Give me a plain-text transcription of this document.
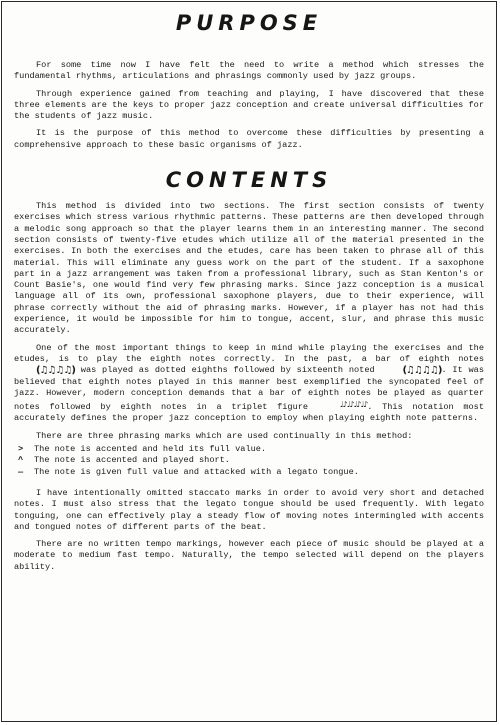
PURPOSE

For some time now I have felt the need to write a method which stresses the fundamental rhythms, articulations and phrasings commonly used by jazz groups.

Through experience gained from teaching and playing, I have discovered that these three elements are the keys to proper jazz conception and create universal difficulties for the students of jazz music.

It is the purpose of this method to overcome these difficulties by presenting a comprehensive approach to these basic organisms of jazz.

CONTENTS

This method is divided into two sections. The first section consists of twenty exercises which stress various rhythmic patterns. These patterns are then developed through a melodic song approach so that the player learns them in an interesting manner. The second section consists of twenty-five etudes which utilize all of the material presented in the exercises. In both the exercises and the etudes, care has been taken to phrase all of this material. This will eliminate any guess work on the part of the student. If a saxophone part in a jazz arrangement was taken from a professional library, such as Stan Kenton's or Count Basie's, one would find very few phrasing marks. Since jazz conception is a musical language all of its own, professional saxophone players, due to their experience, will phrase correctly without the aid of phrasing marks. However, if a player has not had this experience, it would be impossible for him to tongue, accent, slur, and phrase this music accurately.

One of the most important things to keep in mind while playing the exercises and the etudes, is to play the eighth notes correctly. In the past, a bar of eighth notes (♫♫♫♫) was played as dotted eighths followed by sixteenth noted	(♫♫♫♫). It was believed that eighth notes played in this manner best exemplified the syncopated feel of jazz. However, modern conception demands that a bar of eighth notes be played as quarter notes followed by eighth notes in a triplet figure	♩♪♩♪♩♪♩♪. This notation most accurately defines the proper jazz conception to employ when playing eighth note patterns.

There are three phrasing marks which are used continually in this method:

> The note is accented and held its full value.
^ The note is accented and played short.
— The note is given full value and attacked with a legato tongue.

I have intentionally omitted staccato marks in order to avoid very short and detached notes. I must also stress that the legato tongue should be used frequently. With legato tonguing, one can effectively play a steady flow of moving notes intermingled with accents and tongued notes of different parts of the beat.

There are no written tempo markings, however each piece of music should be played at a moderate to medium fast tempo. Naturally, the tempo selected will depend on the players ability.
